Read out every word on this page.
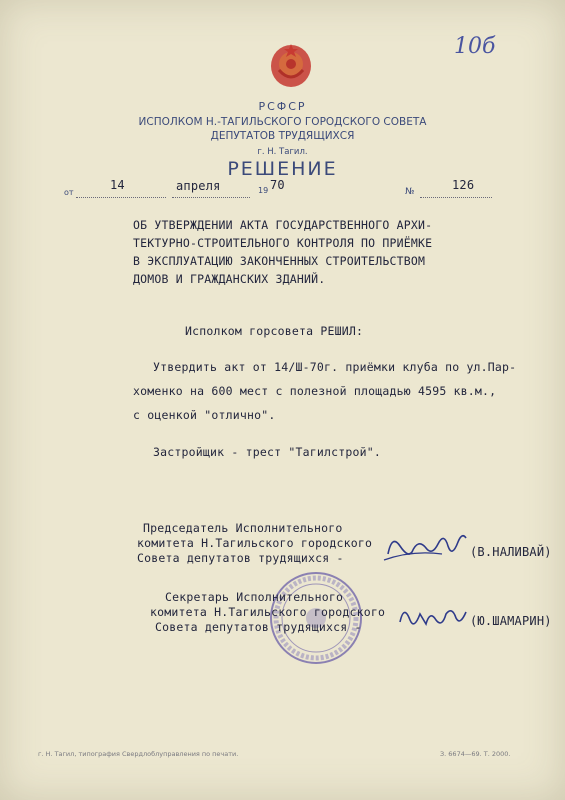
10б
РСФСР
ИСПОЛКОМ Н.-ТАГИЛЬСКОГО ГОРОДСКОГО СОВЕТА
ДЕПУТАТОВ ТРУДЯЩИХСЯ
г. Н. Тагил.
РЕШЕНИЕ
от
14	апреля	19 70	№	126
ОБ УТВЕРЖДЕНИИ АКТА ГОСУДАРСТВЕННОГО АРХИ-
ТЕКТУРНО-СТРОИТЕЛЬНОГО КОНТРОЛЯ ПО ПРИЁМКЕ
В ЭКСПЛУАТАЦИЮ ЗАКОНЧЕННЫХ СТРОИТЕЛЬСТВОМ
ДОМОВ И ГРАЖДАНСКИХ ЗДАНИЙ.
Исполком горсовета РЕШИЛ:
Утвердить акт от 14/Ш-70г. приёмки клуба по ул.Пар-
хоменко на 600 мест с полезной площадью 4595 кв.м.,
с оценкой "отлично".
Застройщик - трест "Тагилстрой".
Председатель Исполнительного
комитета Н.Тагильского городского
Совета депутатов трудящихся -	(В.НАЛИВАЙ)
Секретарь Исполнительного
комитета Н.Тагильского городского
Совета депутатов трудящихся -	(Ю.ШАМАРИН)
г. Н. Тагил, типография Свердлоблуправления по печати.	З. 6674—69. Т. 2000.
